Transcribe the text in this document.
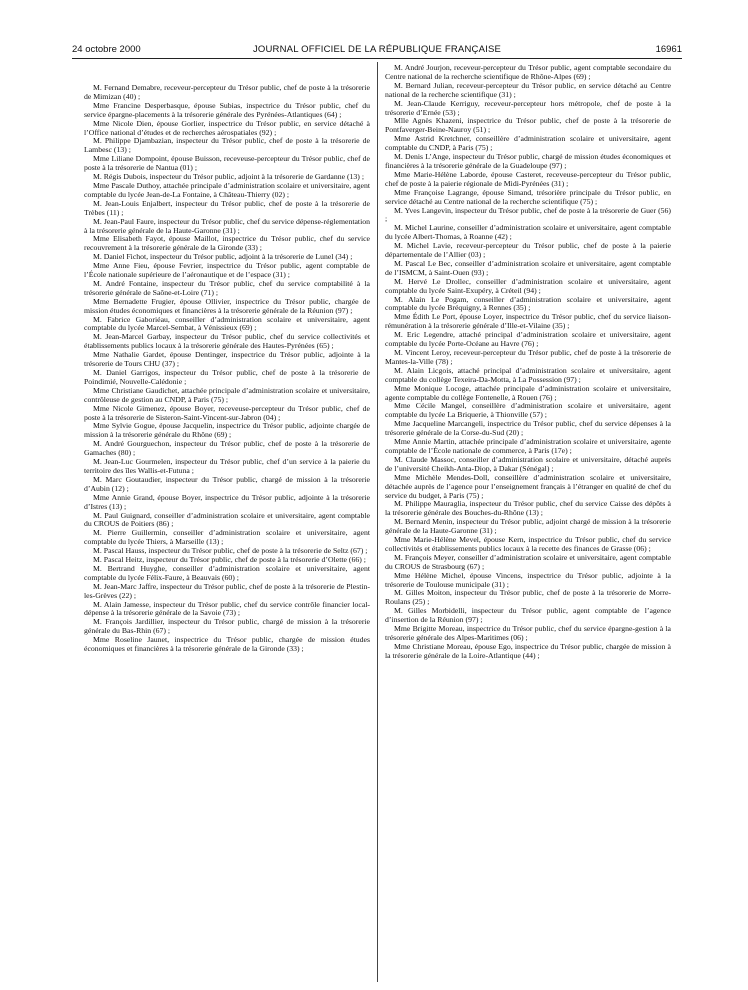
24 octobre 2000	JOURNAL OFFICIEL DE LA RÉPUBLIQUE FRANÇAISE	16961

M. Fernand Demabre, receveur-percepteur du Trésor public, chef de poste à la trésorerie de Mimizan (40) ;

Mme Francine Desperbasque, épouse Subias, inspectrice du Trésor public, chef du service épargne-placements à la trésorerie générale des Pyrénées-Atlantiques (64) ;

Mme Nicole Dien, épouse Gorlier, inspectrice du Trésor public, en service détaché à l’Office national d’études et de recherches aérospatiales (92) ;

M. Philippe Djambazian, inspecteur du Trésor public, chef de poste à la trésorerie de Lambesc (13) ;

Mme Liliane Dompoint, épouse Buisson, receveuse-percepteur du Trésor public, chef de poste à la trésorerie de Nantua (01) ;

M. Régis Dubois, inspecteur du Trésor public, adjoint à la trésorerie de Gardanne (13) ;

Mme Pascale Duthoy, attachée principale d’administration scolaire et universitaire, agent comptable du lycée Jean-de-La Fontaine, à Château-Thierry (02) ;

M. Jean-Louis Enjalbert, inspecteur du Trésor public, chef de poste à la trésorerie de Trèbes (11) ;

M. Jean-Paul Faure, inspecteur du Trésor public, chef du service dépense-réglementation à la trésorerie générale de la Haute-Garonne (31) ;

Mme Elisabeth Fayot, épouse Maillot, inspectrice du Trésor public, chef du service recouvrement à la trésorerie générale de la Gironde (33) ;

M. Daniel Fichot, inspecteur du Trésor public, adjoint à la trésorerie de Lunel (34) ;

Mme Anne Fieu, épouse Fevrier, inspectrice du Trésor public, agent comptable de l’École nationale supérieure de l’aéronautique et de l’espace (31) ;

M. André Fontaine, inspecteur du Trésor public, chef du service comptabilité à la trésorerie générale de Saône-et-Loire (71) ;

Mme Bernadette Frugier, épouse Ollivier, inspectrice du Trésor public, chargée de mission études économiques et financières à la trésorerie générale de la Réunion (97) ;

M. Fabrice Gaboriéau, conseiller d’administration scolaire et universitaire, agent comptable du lycée Marcel-Sembat, à Vénissieux (69) ;

M. Jean-Marcel Garbay, inspecteur du Trésor public, chef du service collectivités et établissements publics locaux à la trésorerie générale des Hautes-Pyrénées (65) ;

Mme Nathalie Gardet, épouse Dentinger, inspectrice du Trésor public, adjointe à la trésorerie de Tours CHU (37) ;

M. Daniel Garrigos, inspecteur du Trésor public, chef de poste à la trésorerie de Poindimié, Nouvelle-Calédonie ;

Mme Christiane Gaudichet, attachée principale d’administration scolaire et universitaire, contrôleuse de gestion au CNDP, à Paris (75) ;

Mme Nicole Gimenez, épouse Boyer, receveuse-percepteur du Trésor public, chef de poste à la trésorerie de Sisteron-Saint-Vincent-sur-Jabron (04) ;

Mme Sylvie Gogue, épouse Jacquelin, inspectrice du Trésor public, adjointe chargée de mission à la trésorerie générale du Rhône (69) ;

M. André Gourguechon, inspecteur du Trésor public, chef de poste à la trésorerie de Gamaches (80) ;

M. Jean-Luc Gourmelen, inspecteur du Trésor public, chef d’un service à la paierie du territoire des îles Wallis-et-Futuna ;

M. Marc Goutaudier, inspecteur du Trésor public, chargé de mission à la trésorerie d’Aubin (12) ;

Mme Annie Grand, épouse Boyer, inspectrice du Trésor public, adjointe à la trésorerie d’Istres (13) ;

M. Paul Guignard, conseiller d’administration scolaire et universitaire, agent comptable du CROUS de Poitiers (86) ;

M. Pierre Guillermin, conseiller d’administration scolaire et universitaire, agent comptable du lycée Thiers, à Marseille (13) ;

M. Pascal Hauss, inspecteur du Trésor public, chef de poste à la trésorerie de Seltz (67) ;

M. Pascal Heitz, inspecteur du Trésor public, chef de poste à la trésorerie d’Olette (66) ;

M. Bertrand Huyghe, conseiller d’administration scolaire et universitaire, agent comptable du lycée Félix-Faure, à Beauvais (60) ;

M. Jean-Marc Jaffre, inspecteur du Trésor public, chef de poste à la trésorerie de Plestin-les-Grèves (22) ;

M. Alain Jamesse, inspecteur du Trésor public, chef du service contrôle financier local-dépense à la trésorerie générale de la Savoie (73) ;

M. François Jardillier, inspecteur du Trésor public, chargé de mission à la trésorerie générale du Bas-Rhin (67) ;

Mme Roseline Jaunet, inspectrice du Trésor public, chargée de mission études économiques et financières à la trésorerie générale de la Gironde (33) ;

M. André Jourjon, receveur-percepteur du Trésor public, agent comptable secondaire du Centre national de la recherche scientifique de Rhône-Alpes (69) ;

M. Bernard Julian, receveur-percepteur du Trésor public, en service détaché au Centre national de la recherche scientifique (31) ;

M. Jean-Claude Kerriguy, receveur-percepteur hors métropole, chef de poste à la trésorerie d’Ernée (53) ;

Mlle Agnès Khazeni, inspectrice du Trésor public, chef de poste à la trésorerie de Pontfaverger-Beine-Nauroy (51) ;

Mme Astrid Kretchner, conseillère d’administration scolaire et universitaire, agent comptable du CNDP, à Paris (75) ;

M. Denis L’Ange, inspecteur du Trésor public, chargé de mission études économiques et financières à la trésorerie générale de la Guadeloupe (97) ;

Mme Marie-Hélène Laborde, épouse Casteret, receveuse-percepteur du Trésor public, chef de poste à la paierie régionale de Midi-Pyrénées (31) ;

Mme Françoise Lagrange, épouse Simand, trésorière principale du Trésor public, en service détaché au Centre national de la recherche scientifique (75) ;

M. Yves Langevin, inspecteur du Trésor public, chef de poste à la trésorerie de Guer (56) ;

M. Michel Laurine, conseiller d’administration scolaire et universitaire, agent comptable du lycée Albert-Thomas, à Roanne (42) ;

M. Michel Lavie, receveur-percepteur du Trésor public, chef de poste à la paierie départementale de l’Allier (03) ;

M. Pascal Le Bec, conseiller d’administration scolaire et universitaire, agent comptable de l’ISMCM, à Saint-Ouen (93) ;

M. Hervé Le Drollec, conseiller d’administration scolaire et universitaire, agent comptable du lycée Saint-Exupéry, à Créteil (94) ;

M. Alain Le Pogam, conseiller d’administration scolaire et universitaire, agent comptable du lycée Bréquigny, à Rennes (35) ;

Mme Édith Le Port, épouse Loyer, inspectrice du Trésor public, chef du service liaison-rémunération à la trésorerie générale d’Ille-et-Vilaine (35) ;

M. Eric Legendre, attaché principal d’administration scolaire et universitaire, agent comptable du lycée Porte-Océane au Havre (76) ;

M. Vincent Leroy, receveur-percepteur du Trésor public, chef de poste à la trésorerie de Mantes-la-Ville (78) ;

M. Alain Licgois, attaché principal d’administration scolaire et universitaire, agent comptable du collège Texeira-Da-Motta, à La Possession (97) ;

Mme Monique Locoge, attachée principale d’administration scolaire et universitaire, agente comptable du collège Fontenelle, à Rouen (76) ;

Mme Cécile Mangel, conseillère d’administration scolaire et universitaire, agent comptable du lycée La Briquerie, à Thionville (57) ;

Mme Jacqueline Marcangeli, inspectrice du Trésor public, chef du service dépenses à la trésorerie générale de la Corse-du-Sud (20) ;

Mme Annie Martin, attachée principale d’administration scolaire et universitaire, agente comptable de l’École nationale de commerce, à Paris (17e) ;

M. Claude Massoc, conseiller d’administration scolaire et universitaire, détaché auprès de l’université Cheikh-Anta-Diop, à Dakar (Sénégal) ;

Mme Michèle Mendes-Doll, conseillère d’administration scolaire et universitaire, détachée auprès de l’agence pour l’enseignement français à l’étranger en qualité de chef du service du budget, à Paris (75) ;

M. Philippe Mauraglia, inspecteur du Trésor public, chef du service Caisse des dépôts à la trésorerie générale des Bouches-du-Rhône (13) ;

M. Bernard Menin, inspecteur du Trésor public, adjoint chargé de mission à la trésorerie générale de la Haute-Garonne (31) ;

Mme Marie-Hélène Mevel, épouse Kern, inspectrice du Trésor public, chef du service collectivités et établissements publics locaux à la recette des finances de Grasse (06) ;

M. François Meyer, conseiller d’administration scolaire et universitaire, agent comptable du CROUS de Strasbourg (67) ;

Mme Hélène Michel, épouse Vincens, inspectrice du Trésor public, adjointe à la trésorerie de Toulouse municipale (31) ;

M. Gilles Moiton, inspecteur du Trésor public, chef de poste à la trésorerie de Morre-Roulans (25) ;

M. Gilles Morbidelli, inspecteur du Trésor public, agent comptable de l’agence d’insertion de la Réunion (97) ;

Mme Brigitte Moreau, inspectrice du Trésor public, chef du service épargne-gestion à la trésorerie générale des Alpes-Maritimes (06) ;

Mme Christiane Moreau, épouse Ego, inspectrice du Trésor public, chargée de mission à la trésorerie générale de la Loire-Atlantique (44) ;
